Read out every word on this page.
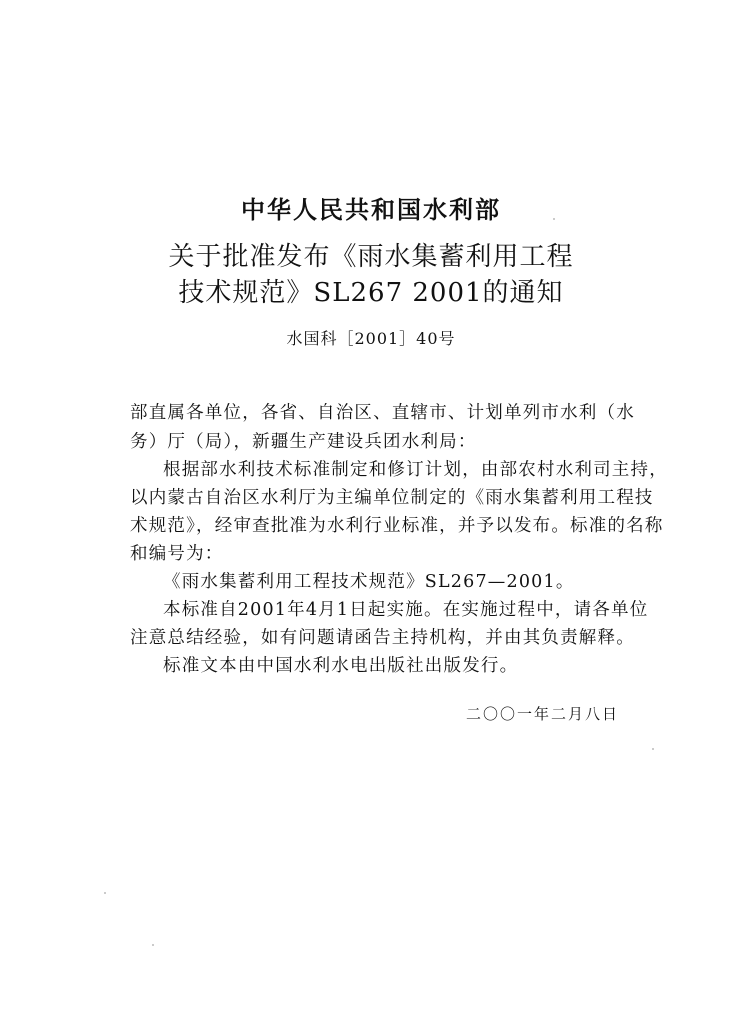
中华人民共和国水利部
关于批准发布《雨水集蓄利用工程
技术规范》SL267 2001的通知
水国科［2001］40号
部直属各单位，各省、自治区、直辖市、计划单列市水利（水
务）厅（局），新疆生产建设兵团水利局：
根据部水利技术标准制定和修订计划，由部农村水利司主持，
以内蒙古自治区水利厅为主编单位制定的《雨水集蓄利用工程技
术规范》，经审查批准为水利行业标准，并予以发布。标准的名称
和编号为：
《雨水集蓄利用工程技术规范》SL267—2001。
本标准自2001年4月1日起实施。在实施过程中，请各单位
注意总结经验，如有问题请函告主持机构，并由其负责解释。
标准文本由中国水利水电出版社出版发行。
二〇〇一年二月八日
